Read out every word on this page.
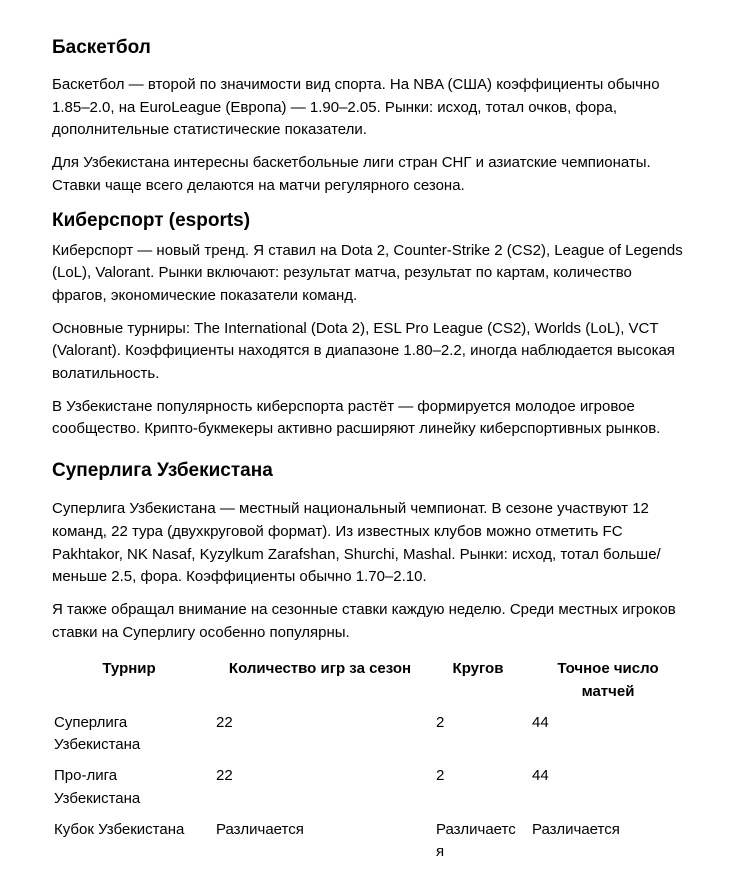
Баскетбол

Баскетбол — второй по значимости вид спорта. На NBA (США) коэффициенты обычно 1.85–2.0, на EuroLeague (Европа) — 1.90–2.05. Рынки: исход, тотал очков, фора, дополнительные статистические показатели.

Для Узбекистана интересны баскетбольные лиги стран СНГ и азиатские чемпионаты. Ставки чаще всего делаются на матчи регулярного сезона.

Киберспорт (esports)

Киберспорт — новый тренд. Я ставил на Dota 2, Counter-Strike 2 (CS2), League of Legends (LoL), Valorant. Рынки включают: результат матча, результат по картам, количество фрагов, экономические показатели команд.

Основные турниры: The International (Dota 2), ESL Pro League (CS2), Worlds (LoL), VCT (Valorant). Коэффициенты находятся в диапазоне 1.80–2.2, иногда наблюдается высокая волатильность.

В Узбекистане популярность киберспорта растёт — формируется молодое игровое сообщество. Крипто-букмекеры активно расширяют линейку киберспортивных рынков.

Суперлига Узбекистана

Суперлига Узбекистана — местный национальный чемпионат. В сезоне участвуют 12 команд, 22 тура (двухкруговой формат). Из известных клубов можно отметить FC Pakhtakor, NK Nasaf, Kyzylkum Zarafshan, Shurchi, Mashal. Рынки: исход, тотал больше/меньше 2.5, фора. Коэффициенты обычно 1.70–2.10.

Я также обращал внимание на сезонные ставки каждую неделю. Среди местных игроков ставки на Суперлигу особенно популярны.

Турнир	Количество игр за сезон	Кругов	Точное число матчей
Суперлига Узбекистана	22	2	44
Про-лига Узбекистана	22	2	44
Кубок Узбекистана	Различается	Различается	Различается
